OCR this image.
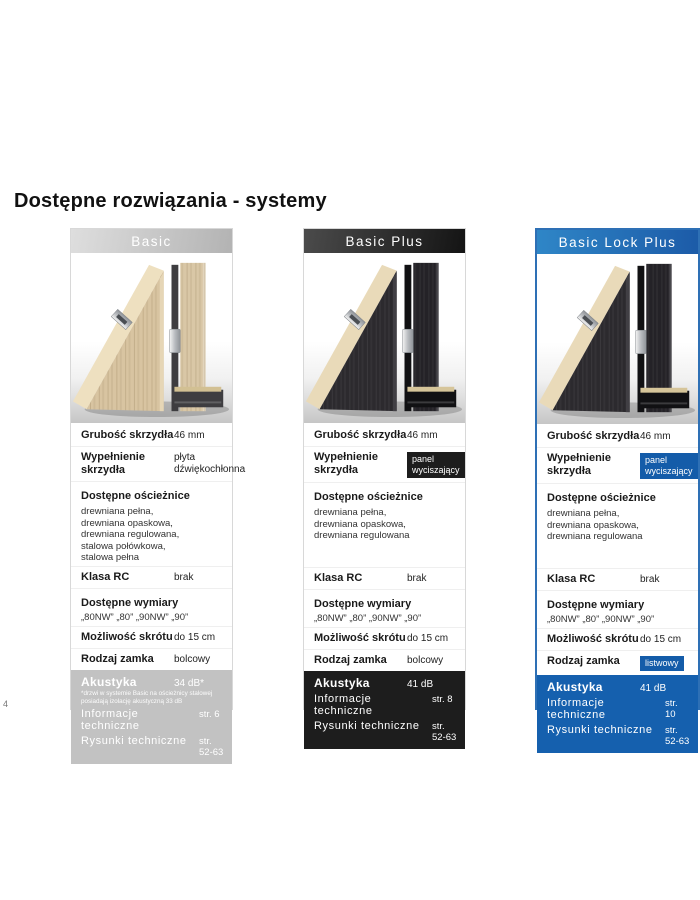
Dostępne rozwiązania - systemy
4
Basic
Grubość skrzydła 46 mm
Wypełnienie skrzydła
płyta dźwiękochłonna
Dostępne ościeżnice
drewniana pełna,
drewniana opaskowa,
drewniana regulowana,
stalowa połówkowa,
stalowa pełna
Klasa RC	brak
Dostępne wymiary
„80NW” „80” „90NW” „90”
Możliwość skrótu do 15 cm
Rodzaj zamka	bolcowy
Akustyka	34 dB*
*drzwi w systemie Basic na ościeżnicy stalowej posiadają izolację akustyczną 33 dB
Informacje techniczne
str. 6
Rysunki techniczne	str. 52-63
Basic Plus
Grubość skrzydła 46 mm
Wypełnienie skrzydła
panel wyciszający
Dostępne ościeżnice
drewniana pełna,
drewniana opaskowa,
drewniana regulowana
Klasa RC	brak
Dostępne wymiary
„80NW” „80” „90NW” „90”
Możliwość skrótu do 15 cm
Rodzaj zamka	bolcowy
Akustyka	41 dB
Informacje techniczne
str. 8
Rysunki techniczne	str. 52-63
Basic Lock Plus
Grubość skrzydła 46 mm
Wypełnienie skrzydła
panel wyciszający
Dostępne ościeżnice
drewniana pełna,
drewniana opaskowa,
drewniana regulowana
Klasa RC	brak
Dostępne wymiary
„80NW” „80” „90NW” „90”
Możliwość skrótu do 15 cm
Rodzaj zamka	listwowy
Akustyka	41 dB
Informacje techniczne
str. 10
Rysunki techniczne	str. 52-63
